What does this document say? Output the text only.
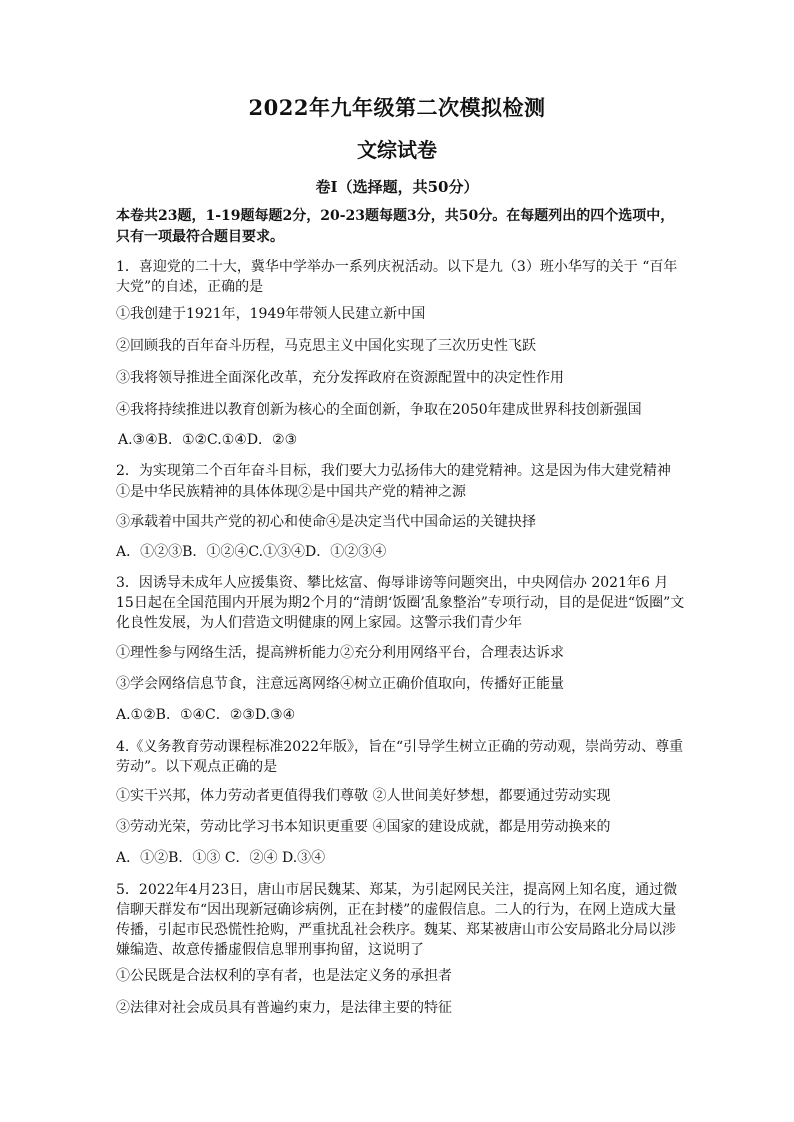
2022年九年级第二次模拟检测
文综试卷
卷Ⅰ（选择题，共50分）
本卷共23题，1-19题每题2分，20-23题每题3分，共50分。在每题列出的四个选项中，只有一项最符合题目要求。
1．喜迎党的二十大，冀华中学举办一系列庆祝活动。以下是九（3）班小华写的关于 “百年大党”的自述，正确的是
①我创建于1921年，1949年带领人民建立新中国
②回顾我的百年奋斗历程，马克思主义中国化实现了三次历史性飞跃
③我将领导推进全面深化改革，充分发挥政府在资源配置中的决定性作用
④我将持续推进以教育创新为核心的全面创新，争取在2050年建成世界科技创新强国
A.③④B．①②C.①④D．②③
2．为实现第二个百年奋斗目标，我们要大力弘扬伟大的建党精神。这是因为伟大建党精神
①是中华民族精神的具体体现②是中国共产党的精神之源
③承载着中国共产党的初心和使命④是决定当代中国命运的关键抉择
A．①②③B．①②④C.①③④D．①②③④
3．因诱导未成年人应援集资、攀比炫富、侮辱诽谤等问题突出，中央网信办 2021年6 月15日起在全国范围内开展为期2个月的“清朗‘饭圈’乱象整治”专项行动，目的是促进“饭圈”文化良性发展，为人们营造文明健康的网上家园。这警示我们青少年
①理性参与网络生活，提高辨析能力②充分利用网络平台，合理表达诉求
③学会网络信息节食，注意远离网络④树立正确价值取向，传播好正能量
A.①②B．①④C．②③D.③④
4.《义务教育劳动课程标准2022年版》，旨在“引导学生树立正确的劳动观，崇尚劳动、尊重劳动”。以下观点正确的是
①实干兴邦，体力劳动者更值得我们尊敬 ②人世间美好梦想，都要通过劳动实现
③劳动光荣，劳动比学习书本知识更重要 ④国家的建设成就，都是用劳动换来的
A．①②B．①③ C．②④ D.③④
5．2022年4月23日，唐山市居民魏某、郑某，为引起网民关注，提高网上知名度，通过微信聊天群发布“因出现新冠确诊病例，正在封楼”的虚假信息。二人的行为，在网上造成大量传播，引起市民恐慌性抢购，严重扰乱社会秩序。魏某、郑某被唐山市公安局路北分局以涉嫌编造、故意传播虚假信息罪刑事拘留，这说明了
①公民既是合法权利的享有者，也是法定义务的承担者
②法律对社会成员具有普遍约束力，是法律主要的特征
